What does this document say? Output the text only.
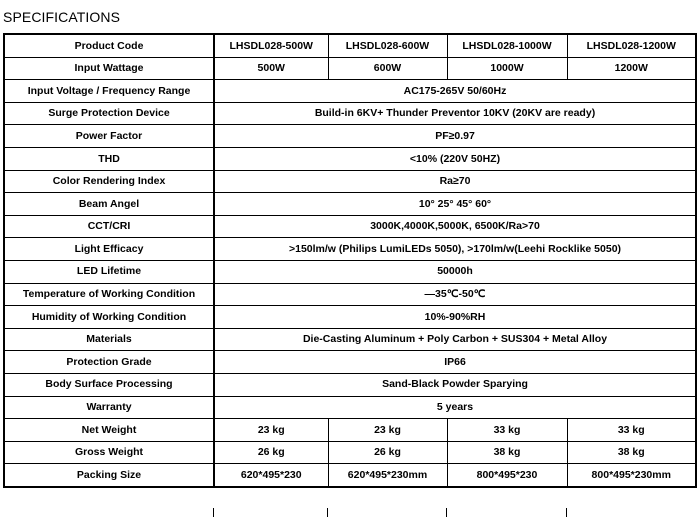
SPECIFICATIONS
Product Code	LHSDL028-500W	LHSDL028-600W	LHSDL028-1000W	LHSDL028-1200W
Input Wattage	500W	600W	1000W	1200W
Input Voltage / Frequency Range	AC175-265V 50/60Hz			
Surge Protection Device	Build-in 6KV+ Thunder Preventor 10KV (20KV are ready)			
Power Factor	PF≥0.97			
THD	<10% (220V 50HZ)			
Color Rendering Index	Ra≥70			
Beam Angel	10° 25° 45° 60°			
CCT/CRI	3000K,4000K,5000K, 6500K/Ra>70			
Light Efficacy	>150lm/w (Philips LumiLEDs 5050), >170lm/w(Leehi Rocklike 5050)			
LED Lifetime	50000h			
Temperature of Working Condition	—35℃-50℃			
Humidity of Working Condition	10%-90%RH			
Materials	Die-Casting Aluminum + Poly Carbon + SUS304 + Metal Alloy			
Protection Grade	IP66			
Body Surface Processing	Sand-Black Powder Sparying			
Warranty	5 years			
Net Weight	23 kg	23 kg	33 kg	33 kg
Gross Weight	26 kg	26 kg	38 kg	38 kg
Packing Size	620*495*230	620*495*230mm	800*495*230	800*495*230mm
